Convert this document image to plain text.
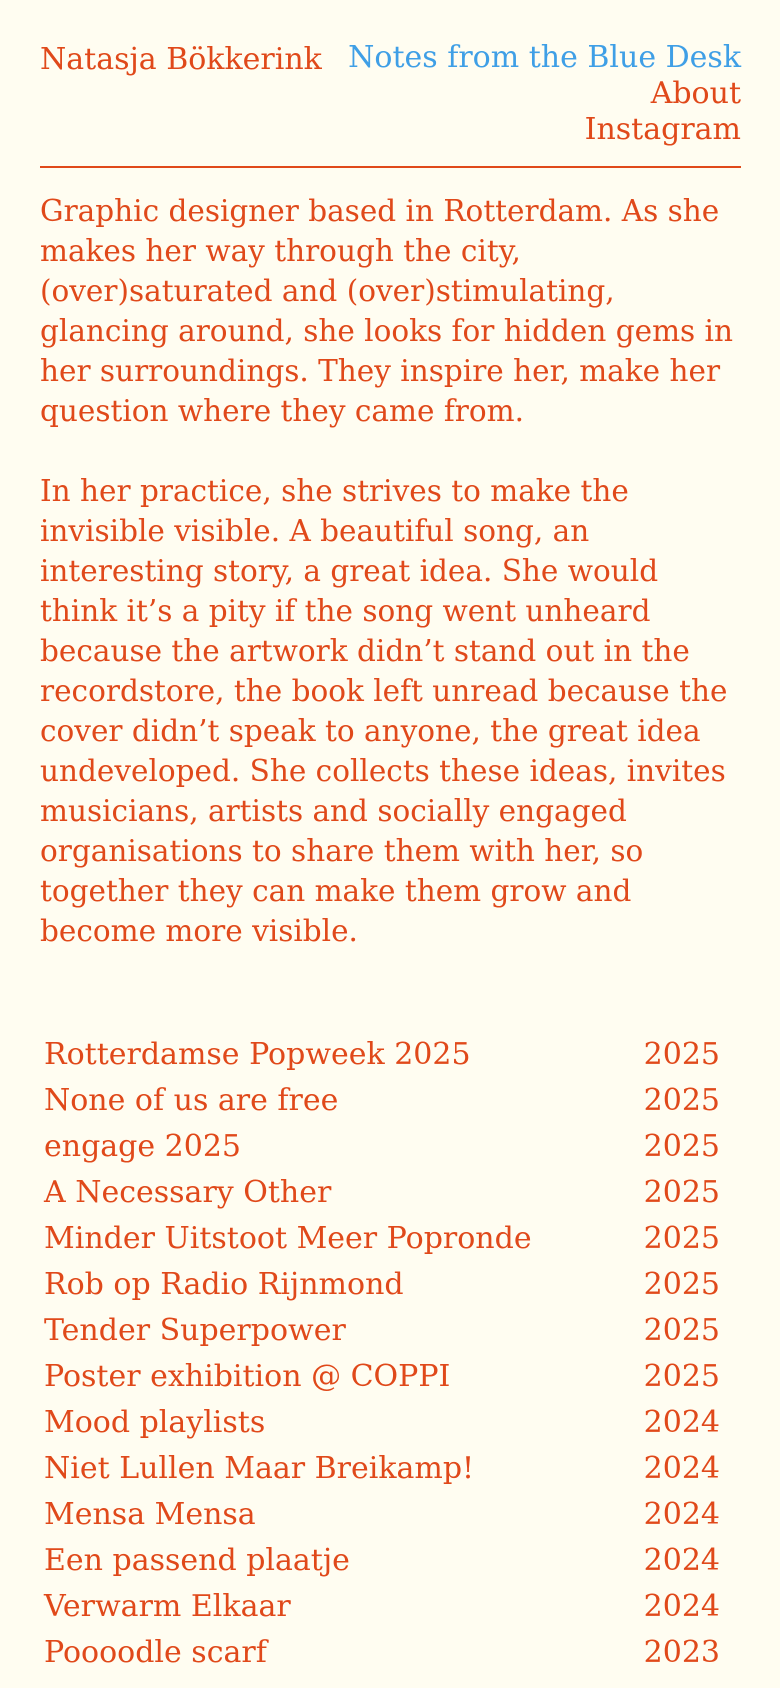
Natasja Bökkerink Notes from the Blue Desk
About
Instagram

Graphic designer based in Rotterdam. As she makes her way through the city, (over)saturated and (over)stimulating, glancing around, she looks for hidden gems in her surroundings. They inspire her, make her question where they came from.

In her practice, she strives to make the invisible visible. A beautiful song, an interesting story, a great idea. She would think it’s a pity if the song went unheard because the artwork didn’t stand out in the recordstore, the book left unread because the cover didn’t speak to anyone, the great idea undeveloped. She collects these ideas, invites musicians, artists and socially engaged organisations to share them with her, so together they can make them grow and become more visible.

Rotterdamse Popweek 2025	2025
None of us are free	2025
engage 2025	2025
A Necessary Other	2025
Minder Uitstoot Meer Popronde	2025
Rob op Radio Rijnmond	2025
Tender Superpower	2025
Poster exhibition @ COPPI	2025
Mood playlists	2024
Niet Lullen Maar Breikamp!	2024
Mensa Mensa	2024
Een passend plaatje	2024
Verwarm Elkaar	2024
Poooodle scarf	2023
